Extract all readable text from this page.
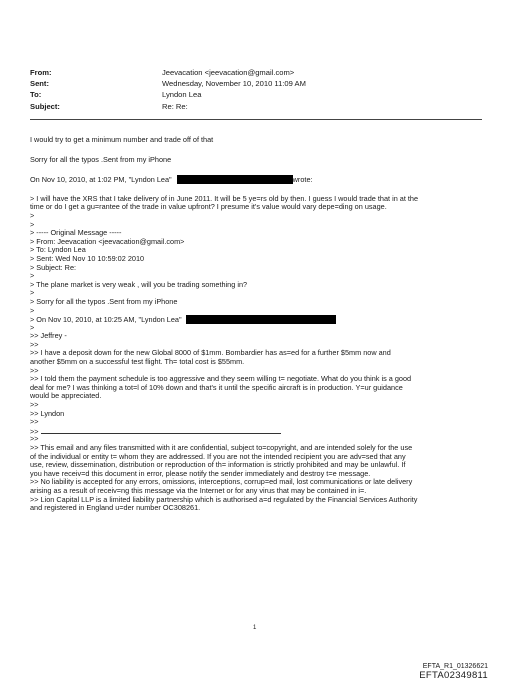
From:	Jeevacation <jeevacation@gmail.com>
Sent:	Wednesday, November 10, 2010 11:09 AM
To:	Lyndon Lea
Subject:	Re: Re:
I would try to get a minimum number and trade off of that
Sorry for all the typos .Sent from my iPhone
On Nov 10, 2010, at 1:02 PM, "Lyndon Lea"	wrote:
> I will have the XRS that I take delivery of in June 2011. It will be 5 ye=rs old by then. I guess I would trade that in at the
time or do I get a gu=rantee of the trade in value upfront? I presume it's value would vary depe=ding on usage.
>
>
> ----- Original Message -----
> From: Jeevacation <jeevacation@gmail.com>
> To: Lyndon Lea
> Sent: Wed Nov 10 10:59:02 2010
> Subject: Re:
>
> The plane market is very weak , will you be trading something in?
>
> Sorry for all the typos .Sent from my iPhone
>
> On Nov 10, 2010, at 10:25 AM, "Lyndon Lea"
>
>> Jeffrey -
>>
>> I have a deposit down for the new Global 8000 of $1mm. Bombardier has as=ed for a further $5mm now and
another $5mm on a successful test flight. Th= total cost is $55mm.
>>
>> I told them the payment schedule is too aggressive and they seem willing t= negotiate. What do you think is a good
deal for me? I was thinking a tot=l of 10% down and that's it until the specific aircraft is in production. Y=ur guidance
would be appreciated.
>>
>> Lyndon
>>
>>
>>
>> This email and any files transmitted with it are confidential, subject to=copyright, and are intended solely for the use
of the individual or entity t= whom they are addressed. If you are not the intended recipient you are adv=sed that any
use, review, dissemination, distribution or reproduction of th= information is strictly prohibited and may be unlawful. If
you have receiv=d this document in error, please notify the sender immediately and destroy t=e message.
>> No liability is accepted for any errors, omissions, interceptions, corrup=ed mail, lost communications or late delivery
arising as a result of receiv=ng this message via the Internet or for any virus that may be contained in i=.
>> Lion Capital LLP is a limited liability partnership which is authorised a=d regulated by the Financial Services Authority
and registered in England u=der number OC308261.
1
EFTA_R1_01326621
EFTA02349811
